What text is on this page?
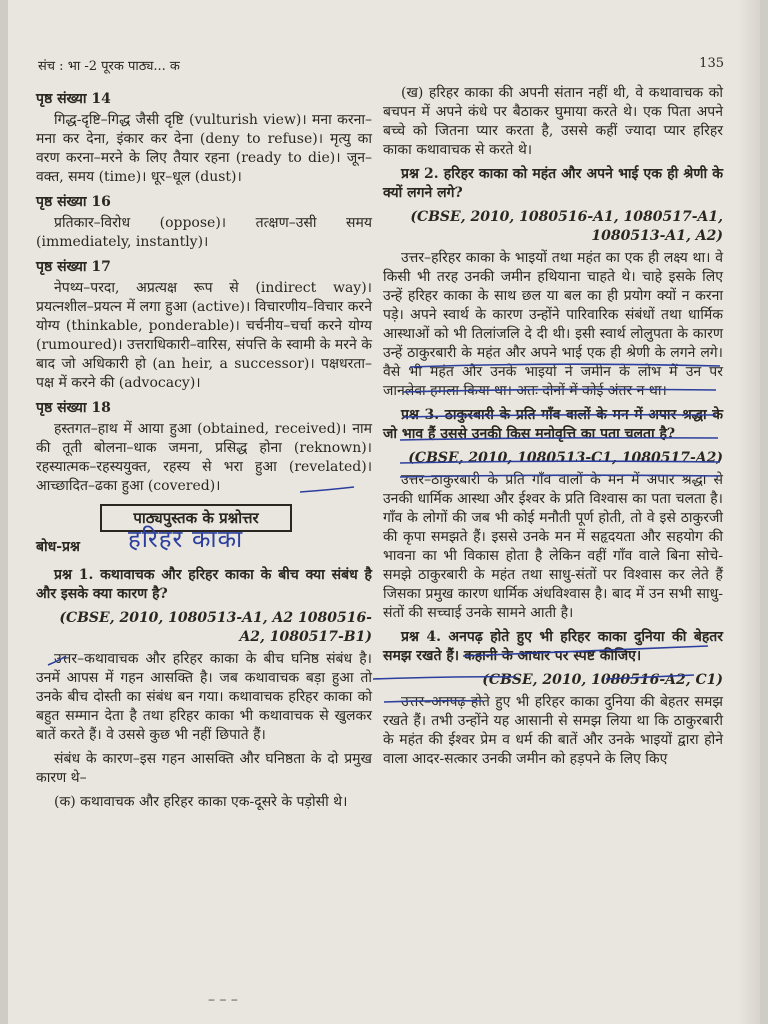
संच : भा -2 पूरक पाठ्य... क	135

पृष्ठ संख्या 14

गिद्ध-दृष्टि–गिद्ध जैसी दृष्टि (vulturish view)। मना करना–मना कर देना, इंकार कर देना (deny to refuse)। मृत्यु का वरण करना–मरने के लिए तैयार रहना (ready to die)। जून–वक्त, समय (time)। धूर–धूल (dust)।

पृष्ठ संख्या 16

प्रतिकार–विरोध (oppose)। तत्क्षण–उसी समय (immediately, instantly)।

पृष्ठ संख्या 17

नेपथ्य–परदा, अप्रत्यक्ष रूप से (indirect way)। प्रयत्नशील–प्रयत्न में लगा हुआ (active)। विचारणीय–विचार करने योग्य (thinkable, ponderable)। चर्चनीय–चर्चा करने योग्य (rumoured)। उत्तराधिकारी–वारिस, संपत्ति के स्वामी के मरने के बाद जो अधिकारी हो (an heir, a successor)। पक्षधरता–पक्ष में करने की (advocacy)।

पृष्ठ संख्या 18

हस्तगत–हाथ में आया हुआ (obtained, received)। नाम की तूती बोलना–धाक जमना, प्रसिद्ध होना (reknown)। रहस्यात्मक–रहस्ययुक्त, रहस्य से भरा हुआ (revelated)। आच्छादित–ढका हुआ (covered)।

पाठ्यपुस्तक के प्रश्नोत्तर
बोध-प्रश्न हरिहर काका

प्रश्न 1. कथावाचक और हरिहर काका के बीच क्या संबंध है और इसके क्या कारण है?

(CBSE, 2010, 1080513-A1, A2 1080516-A2, 1080517-B1)

उत्तर–कथावाचक और हरिहर काका के बीच घनिष्ठ संबंध है। उनमें आपस में गहन आसक्ति है। जब कथावाचक बड़ा हुआ तो उनके बीच दोस्ती का संबंध बन गया। कथावाचक हरिहर काका को बहुत सम्मान देता है तथा हरिहर काका भी कथावाचक से खुलकर बातें करते हैं। वे उससे कुछ भी नहीं छिपाते हैं।

संबंध के कारण–इस गहन आसक्ति और घनिष्ठता के दो प्रमुख कारण थे–

(क) कथावाचक और हरिहर काका एक-दूसरे के पड़ोसी थे।

(ख) हरिहर काका की अपनी संतान नहीं थी, वे कथावाचक को बचपन में अपने कंधे पर बैठाकर घुमाया करते थे। एक पिता अपने बच्चे को जितना प्यार करता है, उससे कहीं ज्यादा प्यार हरिहर काका कथावाचक से करते थे।

प्रश्न 2. हरिहर काका को महंत और अपने भाई एक ही श्रेणी के क्यों लगने लगे?

(CBSE, 2010, 1080516-A1, 1080517-A1, 1080513-A1, A2)

उत्तर–हरिहर काका के भाइयों तथा महंत का एक ही लक्ष्य था। वे किसी भी तरह उनकी जमीन हथियाना चाहते थे। चाहे इसके लिए उन्हें हरिहर काका के साथ छल या बल का ही प्रयोग क्यों न करना पड़े। अपने स्वार्थ के कारण उन्होंने पारिवारिक संबंधों तथा धार्मिक आस्थाओं को भी तिलांजलि दे दी थी। इसी स्वार्थ लोलुपता के कारण उन्हें ठाकुरबारी के महंत और अपने भाई एक ही श्रेणी के लगने लगे। वैसे भी महंत और उनके भाइयों ने जमीन के लोभ में उन पर जानलेवा हमला किया था। अतः दोनों में कोई अंतर न था।

प्रश्न 3. ठाकुरबारी के प्रति गाँव वालों के मन में अपार श्रद्धा के जो भाव हैं उससे उनकी किस मनोवृत्ति का पता चलता है?

(CBSE, 2010, 1080513-C1, 1080517-A2)

उत्तर–ठाकुरबारी के प्रति गाँव वालों के मन में अपार श्रद्धा से उनकी धार्मिक आस्था और ईश्वर के प्रति विश्वास का पता चलता है। गाँव के लोगों की जब भी कोई मनौती पूर्ण होती, तो वे इसे ठाकुरजी की कृपा समझते हैं। इससे उनके मन में सहृदयता और सहयोग की भावना का भी विकास होता है लेकिन वहीं गाँव वाले बिना सोचे-समझे ठाकुरबारी के महंत तथा साधु-संतों पर विश्वास कर लेते हैं जिसका प्रमुख कारण धार्मिक अंधविश्वास है। बाद में उन सभी साधु-संतों की सच्चाई उनके सामने आती है।

प्रश्न 4. अनपढ़ होते हुए भी हरिहर काका दुनिया की बेहतर समझ रखते हैं। कहानी के आधार पर स्पष्ट कीजिए।

(CBSE, 2010, 1080516-A2, C1)

उत्तर–अनपढ़ होते हुए भी हरिहर काका दुनिया की बेहतर समझ रखते हैं। तभी उन्होंने यह आसानी से समझ लिया था कि ठाकुरबारी के महंत की ईश्वर प्रेम व धर्म की बातें और उनके भाइयों द्वारा होने वाला आदर-सत्कार उनकी जमीन को हड़पने के लिए किए

– – –
